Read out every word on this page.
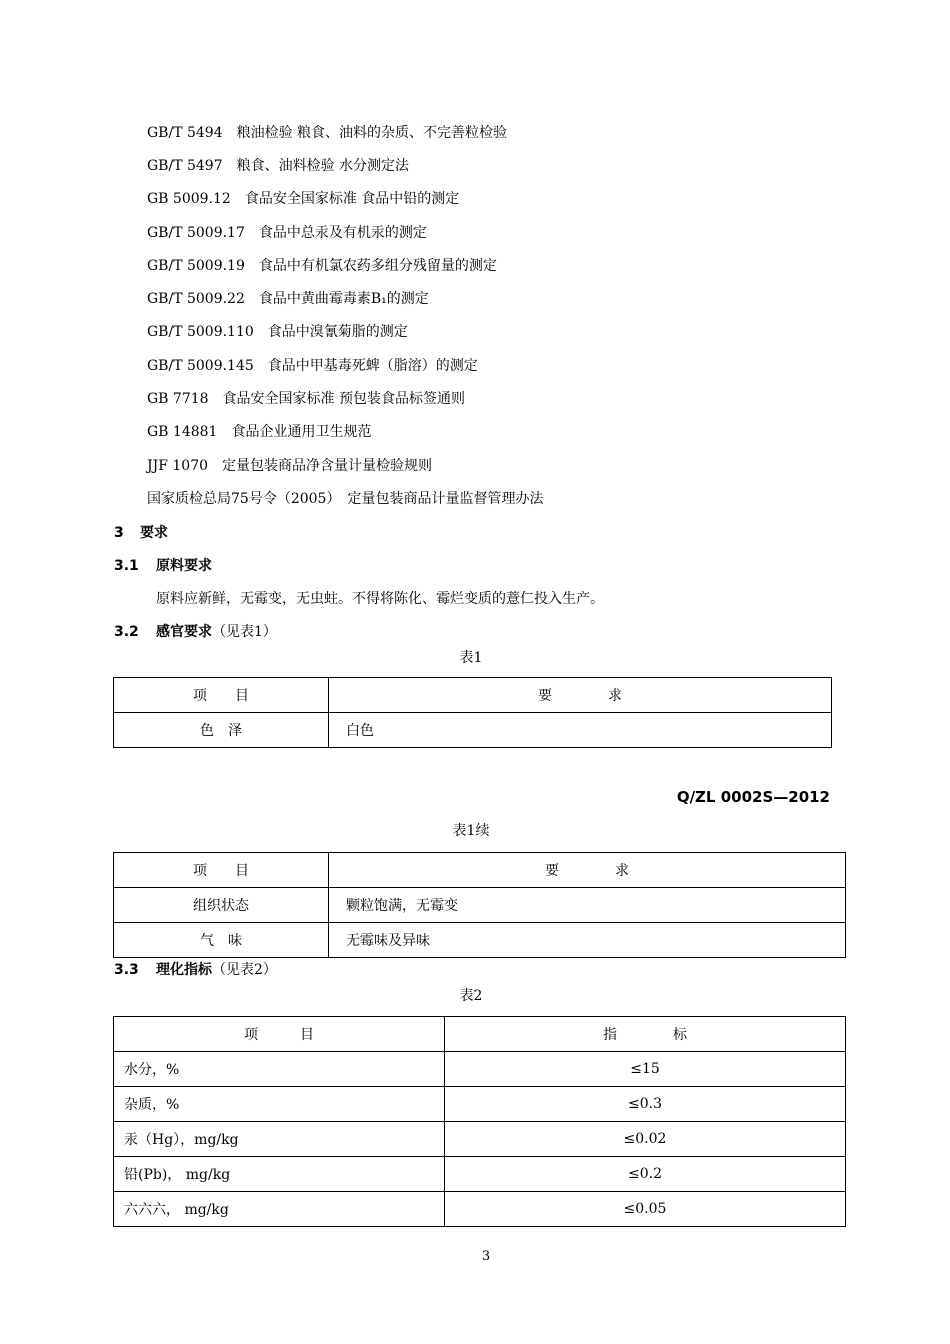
GB/T 5494　粮油检验 粮食、油料的杂质、不完善粒检验
GB/T 5497　粮食、油料检验 水分测定法
GB 5009.12　食品安全国家标准 食品中铅的测定
GB/T 5009.17　食品中总汞及有机汞的测定
GB/T 5009.19　食品中有机氯农药多组分残留量的测定
GB/T 5009.22　食品中黄曲霉毒素B₁的测定
GB/T 5009.110　食品中溴氰菊脂的测定
GB/T 5009.145　食品中甲基毒死蜱（脂溶）的测定
GB 7718　食品安全国家标准 预包装食品标签通则
GB 14881　食品企业通用卫生规范
JJF 1070　定量包装商品净含量计量检验规则
国家质检总局75号令（2005）　定量包装商品计量监督管理办法
3 要求
3.1 原料要求
原料应新鲜，无霉变，无虫蛀。不得将陈化、霉烂变质的薏仁投入生产。
3.2 感官要求（见表1）
表1
项　　目	要　　　　求
色　泽	白色
Q/ZL 0002S—2012
表1续
项　　目	要　　　　求
组织状态	颗粒饱满，无霉变
气　味	无霉味及异味
3.3 理化指标（见表2）
表2
项　　　目	指　　　　标
水分，%	≤15
杂质，%	≤0.3
汞（Hg），mg/kg	≤0.02
铅(Pb)， mg/kg	≤0.2
六六六， mg/kg	≤0.05
3
